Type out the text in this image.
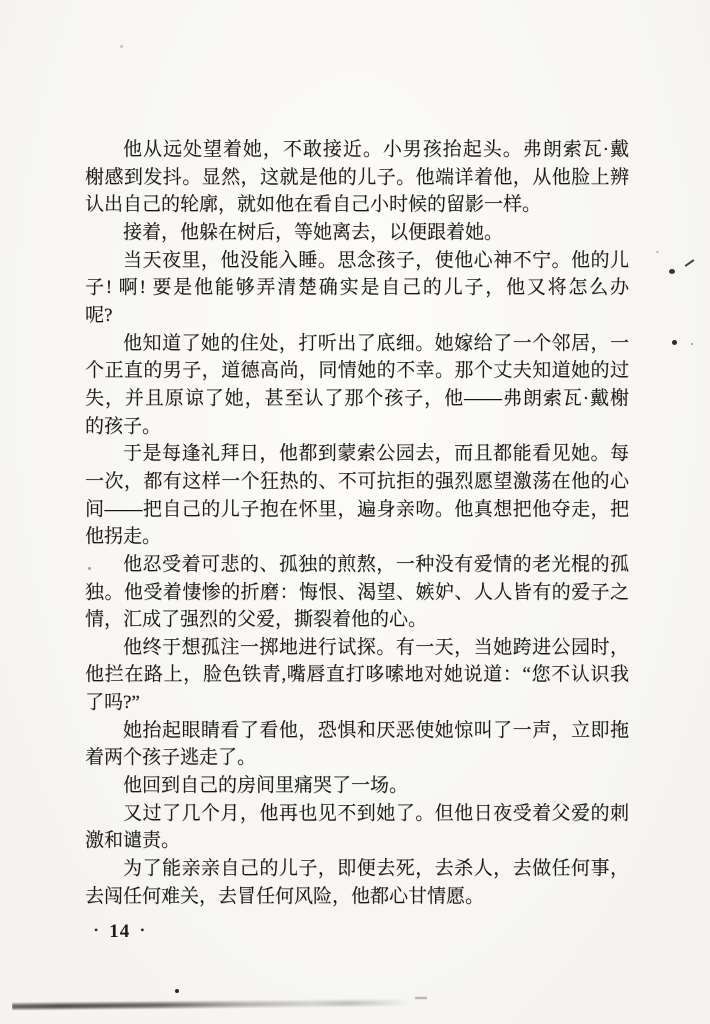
他从远处望着她，不敢接近。小男孩抬起头。弗朗索瓦·戴
榭感到发抖。显然，这就是他的儿子。他端详着他，从他脸上辨
认出自己的轮廓，就如他在看自己小时候的留影一样。
接着，他躲在树后，等她离去，以便跟着她。
当天夜里，他没能入睡。思念孩子，使他心神不宁。他的儿
子! 啊! 要是他能够弄清楚确实是自己的儿子，他又将怎么办
呢?
他知道了她的住处，打听出了底细。她嫁给了一个邻居，一
个正直的男子，道德高尚，同情她的不幸。那个丈夫知道她的过
失，并且原谅了她，甚至认了那个孩子，他——弗朗索瓦·戴榭
的孩子。
于是每逢礼拜日，他都到蒙索公园去，而且都能看见她。每
一次，都有这样一个狂热的、不可抗拒的强烈愿望激荡在他的心
间——把自己的儿子抱在怀里，遍身亲吻。他真想把他夺走，把
他拐走。
他忍受着可悲的、孤独的煎熬，一种没有爱情的老光棍的孤
独。他受着悽惨的折磨：悔恨、渴望、嫉妒、人人皆有的爱子之
情，汇成了强烈的父爱，撕裂着他的心。
他终于想孤注一掷地进行试探。有一天，当她跨进公园时，
他拦在路上，脸色铁青,嘴唇直打哆嗦地对她说道：“您不认识我
了吗?”
她抬起眼睛看了看他，恐惧和厌恶使她惊叫了一声，立即拖
着两个孩子逃走了。
他回到自己的房间里痛哭了一场。
又过了几个月，他再也见不到她了。但他日夜受着父爱的刺
激和谴责。
为了能亲亲自己的儿子，即便去死，去杀人，去做任何事，
去闯任何难关，去冒任何风险，他都心甘情愿。
• 14 •
